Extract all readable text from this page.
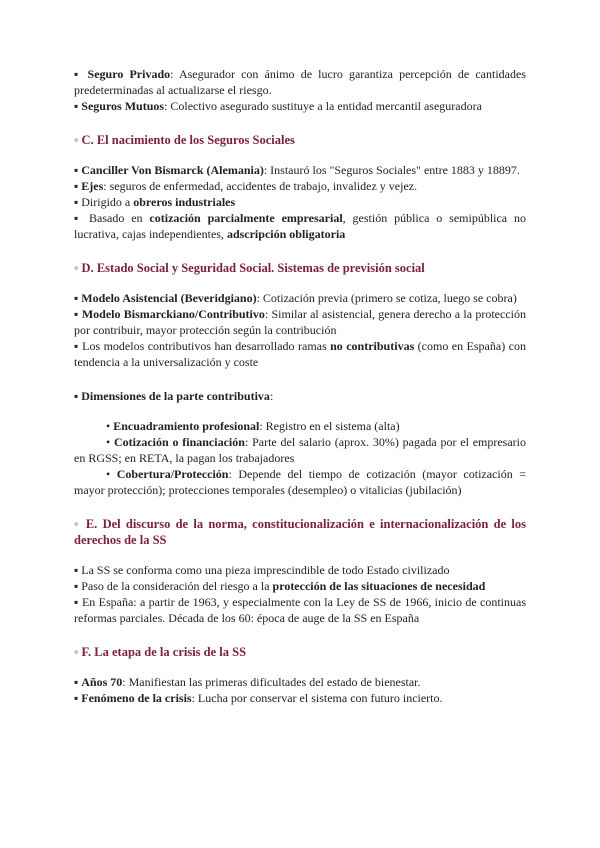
▪ Seguro Privado: Asegurador con ánimo de lucro garantiza percepción de cantidades predeterminadas al actualizarse el riesgo.

▪ Seguros Mutuos: Colectivo asegurado sustituye a la entidad mercantil aseguradora

◦ C. El nacimiento de los Seguros Sociales

▪ Canciller Von Bismarck (Alemania): Instauró los "Seguros Sociales" entre 1883 y 18897.

▪ Ejes: seguros de enfermedad, accidentes de trabajo, invalidez y vejez.

▪ Dirigido a obreros industriales

▪ Basado en cotización parcialmente empresarial, gestión pública o semipública no lucrativa, cajas independientes, adscripción obligatoria

◦ D. Estado Social y Seguridad Social. Sistemas de previsión social

▪ Modelo Asistencial (Beveridgiano): Cotización previa (primero se cotiza, luego se cobra)

▪ Modelo Bismarckiano/Contributivo: Similar al asistencial, genera derecho a la protección por contribuir, mayor protección según la contribución

▪ Los modelos contributivos han desarrollado ramas no contributivas (como en España) con tendencia a la universalización y coste

▪ Dimensiones de la parte contributiva:

• Encuadramiento profesional: Registro en el sistema (alta)

• Cotización o financiación: Parte del salario (aprox. 30%) pagada por el empresario en RGSS; en RETA, la pagan los trabajadores

• Cobertura/Protección: Depende del tiempo de cotización (mayor cotización = mayor protección); protecciones temporales (desempleo) o vitalicias (jubilación)

◦ E. Del discurso de la norma, constitucionalización e internacionalización de los derechos de la SS

▪ La SS se conforma como una pieza imprescindible de todo Estado civilizado

▪ Paso de la consideración del riesgo a la protección de las situaciones de necesidad

▪ En España: a partir de 1963, y especialmente con la Ley de SS de 1966, inicio de continuas reformas parciales. Década de los 60: época de auge de la SS en España

◦ F. La etapa de la crisis de la SS

▪ Años 70: Manifiestan las primeras dificultades del estado de bienestar.

▪ Fenómeno de la crisis: Lucha por conservar el sistema con futuro incierto.
